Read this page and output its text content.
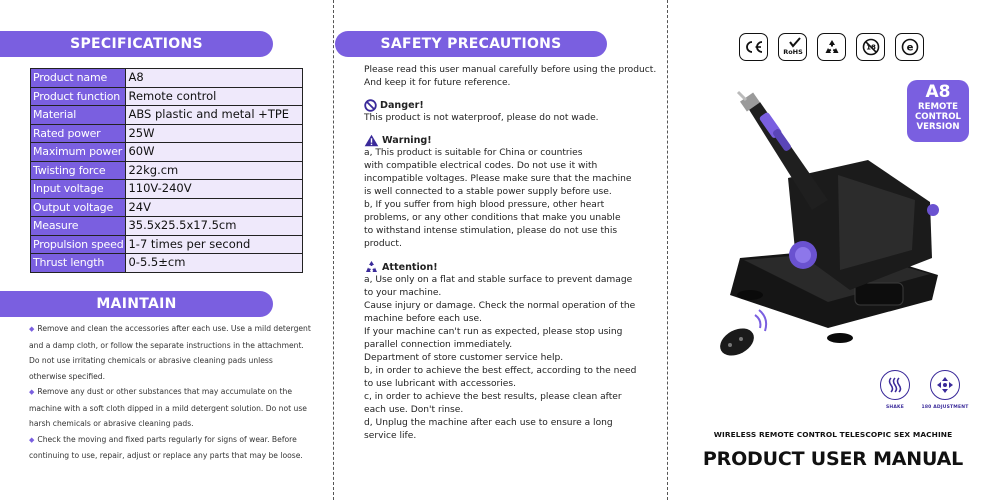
SPECIFICATIONS
Product name	A8
Product function	Remote control
Material	ABS plastic and metal +TPE
Rated power	25W
Maximum power	60W
Twisting force	22kg.cm
Input voltage	110V-240V
Output voltage	24V
Measure	35.5x25.5x17.5cm
Propulsion speed	1-7 times per second
Thrust length	0-5.5±cm
MAINTAIN
◆ Remove and clean the accessories after each use. Use a mild detergent and a damp cloth, or follow the separate instructions in the attachment. Do not use irritating chemicals or abrasive cleaning pads unless otherwise specified.
◆ Remove any dust or other substances that may accumulate on the machine with a soft cloth dipped in a mild detergent solution. Do not use harsh chemicals or abrasive cleaning pads.
◆ Check the moving and fixed parts regularly for signs of wear. Before continuing to use, repair, adjust or replace any parts that may be loose.
SAFETY PRECAUTIONS

Please read this user manual carefully before using the product. And keep it for future reference.

Danger!

This product is not waterproof, please do not wade.

Warning!

a, This product is suitable for China or countries

with compatible electrical codes. Do not use it with

incompatible voltages. Please make sure that the machine

is well connected to a stable power supply before use.

b, If you suffer from high blood pressure, other heart

problems, or any other conditions that make you unable

to withstand intense stimulation, please do not use this

product.

Attention!

a, Use only on a flat and stable surface to prevent damage

to your machine.

Cause injury or damage. Check the normal operation of the

machine before each use.

If your machine can't run as expected, please stop using

parallel connection immediately.

Department of store customer service help.

b, in order to achieve the best effect, according to the need

to use lubricant with accessories.

c, in order to achieve the best results, please clean after

each use. Don't rinse.

d, Unplug the machine after each use to ensure a long

service life.

RoHS
18	e
A8
REMOTE
CONTROL
VERSION
SHAKE	180 ADJUSTMENT
WIRELESS REMOTE CONTROL TELESCOPIC SEX MACHINE
PRODUCT USER MANUAL
